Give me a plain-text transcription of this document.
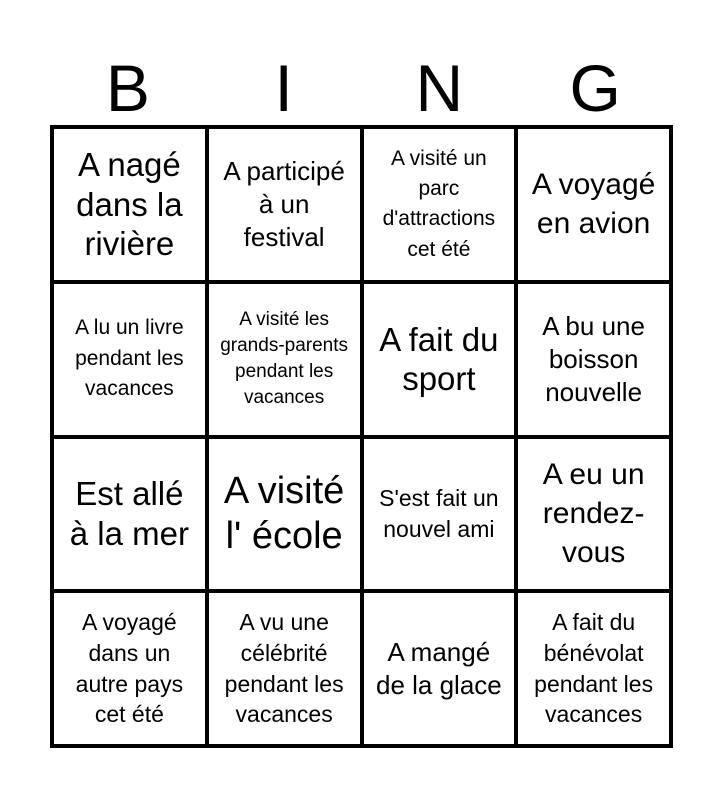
B	I	N	G
A nagé dans la rivière
A participé à un festival
A visité un parc d'attractions cet été
A voyagé en avion
A lu un livre pendant les vacances
A visité les grands-parents pendant les vacances
A fait du sport
A bu une boisson nouvelle
Est allé à la mer
A visité l' école
S'est fait un nouvel ami
A eu un rendez-vous
A voyagé dans un autre pays cet été
A vu une célébrité pendant les vacances
A mangé de la glace
A fait du bénévolat pendant les vacances
